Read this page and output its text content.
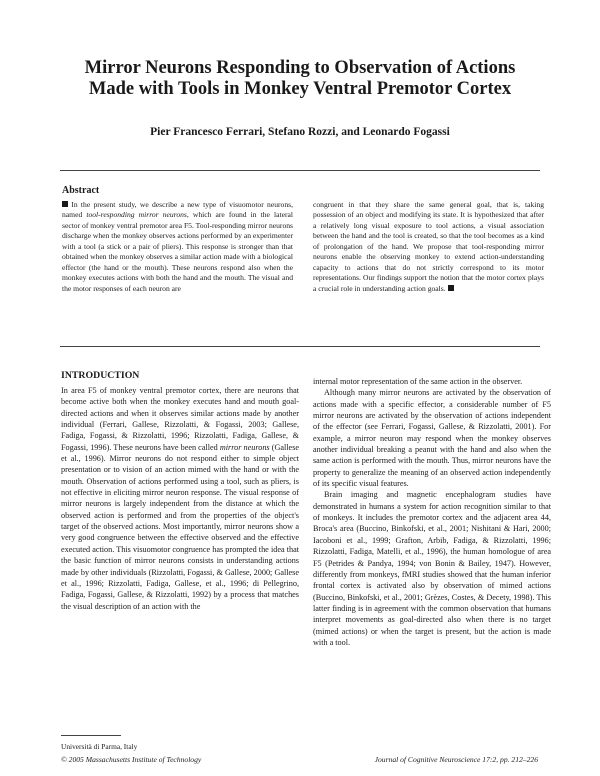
Mirror Neurons Responding to Observation of Actions
Made with Tools in Monkey Ventral Premotor Cortex
Pier Francesco Ferrari, Stefano Rozzi, and Leonardo Fogassi
Abstract
In the present study, we describe a new type of visuomotor neurons, named tool-responding mirror neurons, which are found in the lateral sector of monkey ventral premotor area F5. Tool-responding mirror neurons discharge when the monkey observes actions performed by an experimenter with a tool (a stick or a pair of pliers). This response is stronger than that obtained when the monkey observes a similar action made with a biological effector (the hand or the mouth). These neurons respond also when the monkey executes actions with both the hand and the mouth. The visual and the motor responses of each neuron are
congruent in that they share the same general goal, that is, taking possession of an object and modifying its state. It is hypothesized that after a relatively long visual exposure to tool actions, a visual association between the hand and the tool is created, so that the tool becomes as a kind of prolongation of the hand. We propose that tool-responding mirror neurons enable the observing monkey to extend action-understanding capacity to actions that do not strictly correspond to its motor representations. Our findings support the notion that the motor cortex plays a crucial role in understanding action goals.
INTRODUCTION

In area F5 of monkey ventral premotor cortex, there are neurons that become active both when the monkey executes hand and mouth goal-directed actions and when it observes similar actions made by another individual (Ferrari, Gallese, Rizzolatti, & Fogassi, 2003; Gallese, Fadiga, Fogassi, & Rizzolatti, 1996; Rizzolatti, Fadiga, Gallese, & Fogassi, 1996). These neurons have been called mirror neurons (Gallese et al., 1996). Mirror neurons do not respond either to simple object presentation or to vision of an action mimed with the hand or with the mouth. Observation of actions performed using a tool, such as pliers, is not effective in eliciting mirror neuron response. The visual response of mirror neurons is largely independent from the distance at which the observed action is performed and from the properties of the object's target of the observed actions. Most importantly, mirror neurons show a very good congruence between the effective observed and the effective executed action. This visuomotor congruence has prompted the idea that the basic function of mirror neurons consists in understanding actions made by other individuals (Rizzolatti, Fogassi, & Gallese, 2000; Gallese et al., 1996; Rizzolatti, Fadiga, Gallese, et al., 1996; di Pellegrino, Fadiga, Fogassi, Gallese, & Rizzolatti, 1992) by a process that matches the visual description of an action with the

internal motor representation of the same action in the observer.

Although many mirror neurons are activated by the observation of actions made with a specific effector, a considerable number of F5 mirror neurons are activated by the observation of actions independent of the effector (see Ferrari, Fogassi, Gallese, & Rizzolatti, 2001). For example, a mirror neuron may respond when the monkey observes another individual breaking a peanut with the hand and also when the same action is performed with the mouth. Thus, mirror neurons have the property to generalize the meaning of an observed action independently of its specific visual features.

Brain imaging and magnetic encephalogram studies have demonstrated in humans a system for action recognition similar to that of monkeys. It includes the premotor cortex and the adjacent area 44, Broca's area (Buccino, Binkofski, et al., 2001; Nishitani & Hari, 2000; Iacoboni et al., 1999; Grafton, Arbib, Fadiga, & Rizzolatti, 1996; Rizzolatti, Fadiga, Matelli, et al., 1996), the human homologue of area F5 (Petrides & Pandya, 1994; von Bonin & Bailey, 1947). However, differently from monkeys, fMRI studies showed that the human inferior frontal cortex is activated also by observation of mimed actions (Buccino, Binkofski, et al., 2001; Grèzes, Costes, & Decety, 1998). This latter finding is in agreement with the common observation that humans interpret movements as goal-directed also when there is no target (mimed actions) or when the target is present, but the action is made with a tool.

Università di Parma, Italy
© 2005 Massachusetts Institute of Technology	Journal of Cognitive Neuroscience 17:2, pp. 212–226
